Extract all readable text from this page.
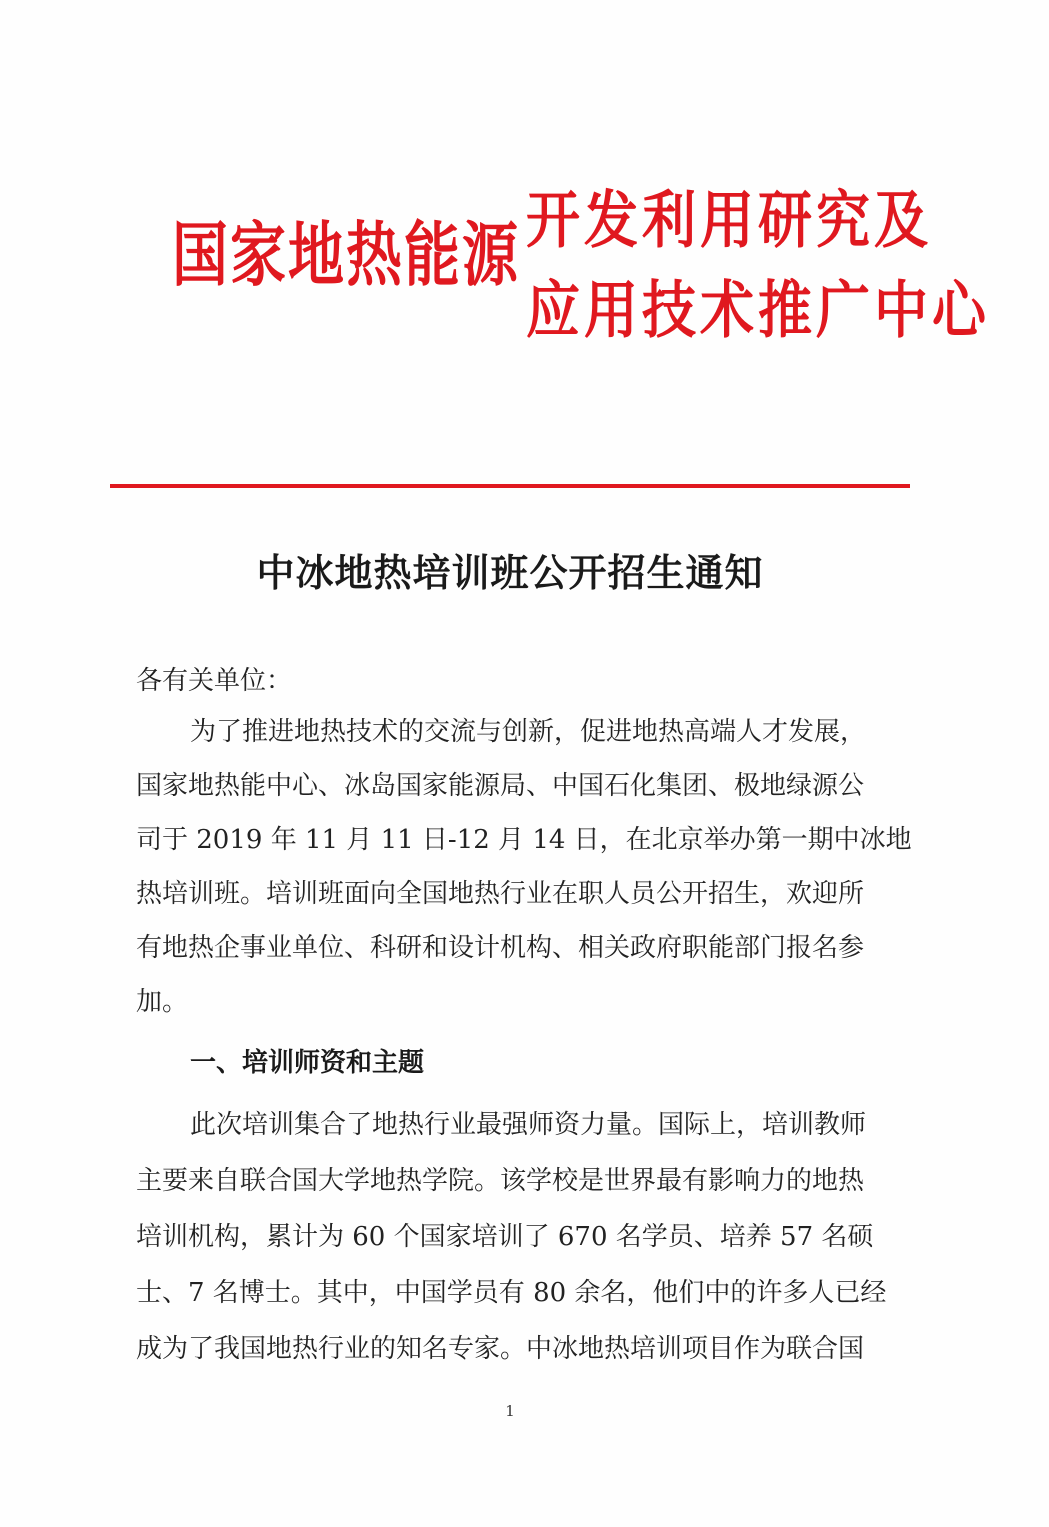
国家地热能源 开发利用研究及
应用技术推广中心
中冰地热培训班公开招生通知
各有关单位：
为了推进地热技术的交流与创新，促进地热高端人才发展，
国家地热能中心、冰岛国家能源局、中国石化集团、极地绿源公
司于 2019 年 11 月 11 日-12 月 14 日，在北京举办第一期中冰地
热培训班。培训班面向全国地热行业在职人员公开招生，欢迎所
有地热企事业单位、科研和设计机构、相关政府职能部门报名参
加。
一、培训师资和主题
此次培训集合了地热行业最强师资力量。国际上，培训教师
主要来自联合国大学地热学院。该学校是世界最有影响力的地热
培训机构，累计为 60 个国家培训了 670 名学员、培养 57 名硕
士、7 名博士。其中，中国学员有 80 余名，他们中的许多人已经
成为了我国地热行业的知名专家。中冰地热培训项目作为联合国
1
